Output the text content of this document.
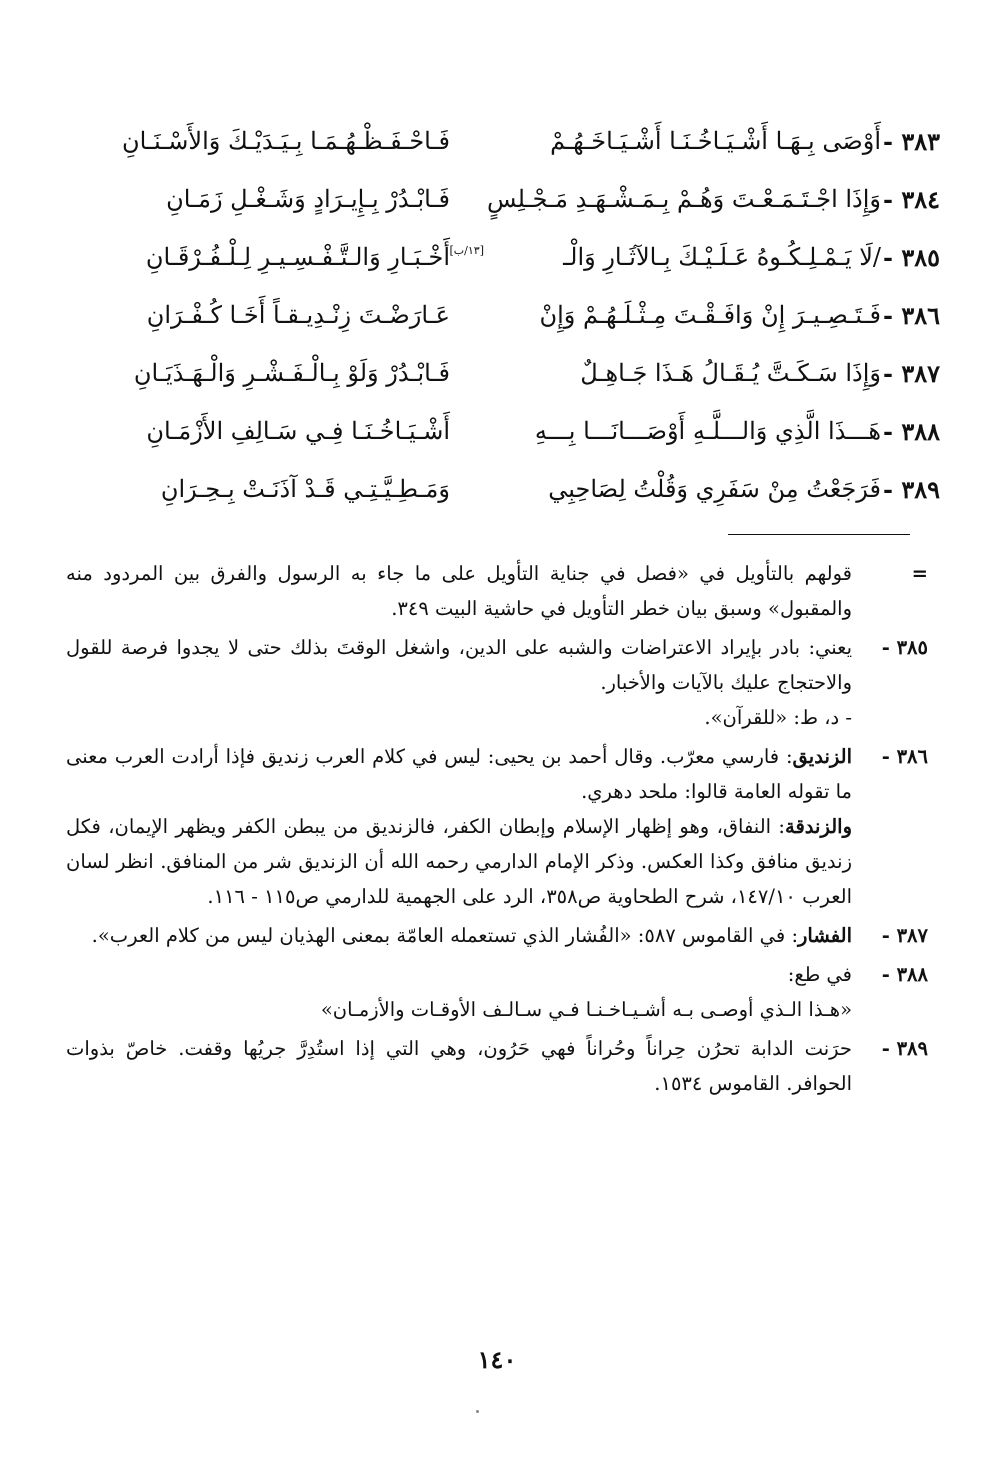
٣٨٣ -
أَوْصَى بِـهَـا أَشْـيَـاخُـنَـا أَشْـيَـاخَـهُـمْ
فَـاحْـفَـظْـهُـمَـا بِـيَـدَيْـكَ وَالأَسْـنَـانِ
٣٨٤ -
وَإِذَا اجْـتَـمَـعْـتَ وَهُـمْ بِـمَـشْـهَـدِ مَـجْـلِسٍ
فَـابْـدُرْ بِـإِيـرَادٍ وَشَـغْـلِ زَمَـانِ
[١٣/ب]	٣٨٥ -
/لَا يَـمْـلِـكُـوهُ عَـلَـيْـكَ بِـالآثَـارِ وَالْـ
أَخْـبَـارِ وَالـتَّـفْـسِـيـرِ لِـلْـفُـرْقَـانِ
٣٨٦ -
فَـتَـصِـيـرَ إِنْ وَافَـقْـتَ مِـثْـلَـهُـمْ وَإِنْ
عَـارَضْـتَ زِنْـدِيـقـاً أَخَـا كُـفْـرَانِ
٣٨٧ -
وَإِذَا سَـكَـتَّ يُـقَـالُ هَـذَا جَـاهِـلٌ
فَـابْـدُرْ وَلَوْ بِـالْـفَـشْـرِ وَالْـهَـذَيَـانِ
٣٨٨ -
هَـــذَا الَّذِي وَالـــلَّـهِ أَوْصَـــانَـــا بِـــهِ
أَشْـيَـاخُـنَـا فِـي سَـالِفِ الأَزْمَـانِ
٣٨٩ -
فَرَجَعْتُ مِنْ سَفَرِي وَقُلْتُ لِصَاحِبِي
وَمَـطِـيَّـتِـي قَـدْ آذَنَـتْ بِـحِـرَانِ
=

قولهم بالتأويل في «فصل في جناية التأويل على ما جاء به الرسول والفرق بين المردود منه والمقبول» وسبق بيان خطر التأويل في حاشية البيت ٣٤٩.

٣٨٥ -

يعني: بادر بإيراد الاعتراضات والشبه على الدين، واشغل الوقتَ بذلك حتى لا يجدوا فرصة للقول والاحتجاج عليك بالآيات والأخبار.

- د، ط: «للقرآن».

٣٨٦ -

الزنديق: فارسي معرّب. وقال أحمد بن يحيى: ليس في كلام العرب زنديق فإذا أرادت العرب معنى ما تقوله العامة قالوا: ملحد دهري.

والزندقة: النفاق، وهو إظهار الإسلام وإبطان الكفر، فالزنديق من يبطن الكفر ويظهر الإيمان، فكل زنديق منافق وكذا العكس. وذكر الإمام الدارمي رحمه الله أن الزنديق شر من المنافق. انظر لسان العرب ١٤٧/١٠، شرح الطحاوية ص٣٥٨، الرد على الجهمية للدارمي ص١١٥ - ١١٦.

٣٨٧ -

الفشار: في القاموس ٥٨٧: «الفُشار الذي تستعمله العامّة بمعنى الهذيان ليس من كلام العرب».

٣٨٨ -

في طع:

«هـذا الـذي أوصـى بـه أشـيـاخـنـا فـي سـالـف الأوقـات والأزمـان»

٣٨٩ -

حرَنت الدابة تحرُن حِراناً وحُراناً فهي حَرُون، وهي التي إذا استُدِرَّ جريُها وقفت. خاصّ بذوات الحوافر. القاموس ١٥٣٤.

١٤٠
